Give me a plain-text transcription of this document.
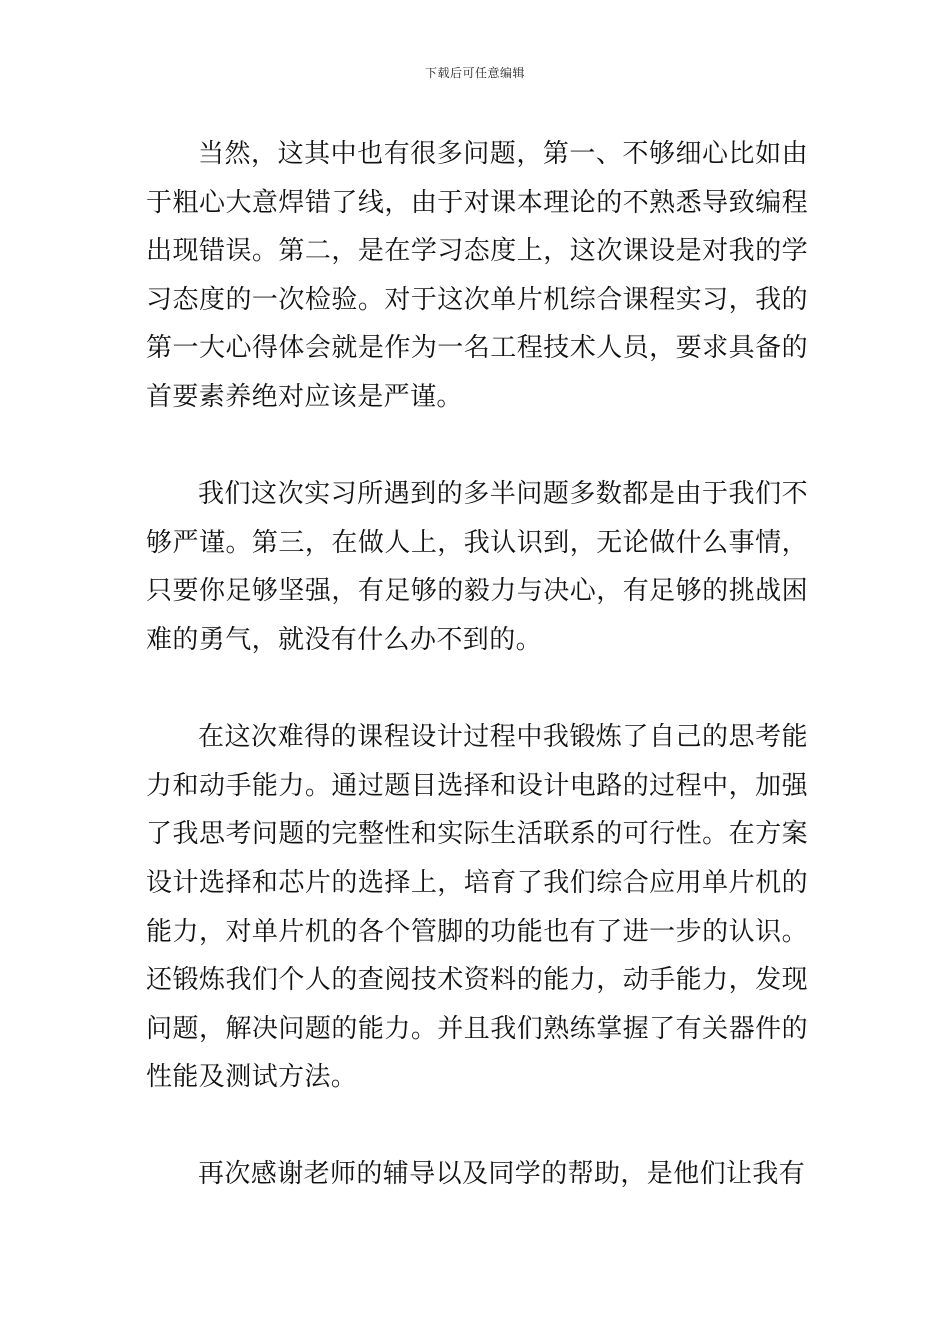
下载后可任意编辑

当然，这其中也有很多问题，第一、不够细心比如由于粗心大意焊错了线，由于对课本理论的不熟悉导致编程出现错误。第二，是在学习态度上，这次课设是对我的学习态度的一次检验。对于这次单片机综合课程实习，我的第一大心得体会就是作为一名工程技术人员，要求具备的首要素养绝对应该是严谨。

我们这次实习所遇到的多半问题多数都是由于我们不够严谨。第三，在做人上，我认识到，无论做什么事情，只要你足够坚强，有足够的毅力与决心，有足够的挑战困难的勇气，就没有什么办不到的。

在这次难得的课程设计过程中我锻炼了自己的思考能力和动手能力。通过题目选择和设计电路的过程中，加强了我思考问题的完整性和实际生活联系的可行性。在方案设计选择和芯片的选择上，培育了我们综合应用单片机的能力，对单片机的各个管脚的功能也有了进一步的认识。还锻炼我们个人的查阅技术资料的能力，动手能力，发现问题，解决问题的能力。并且我们熟练掌握了有关器件的性能及测试方法。

再次感谢老师的辅导以及同学的帮助，是他们让我有
